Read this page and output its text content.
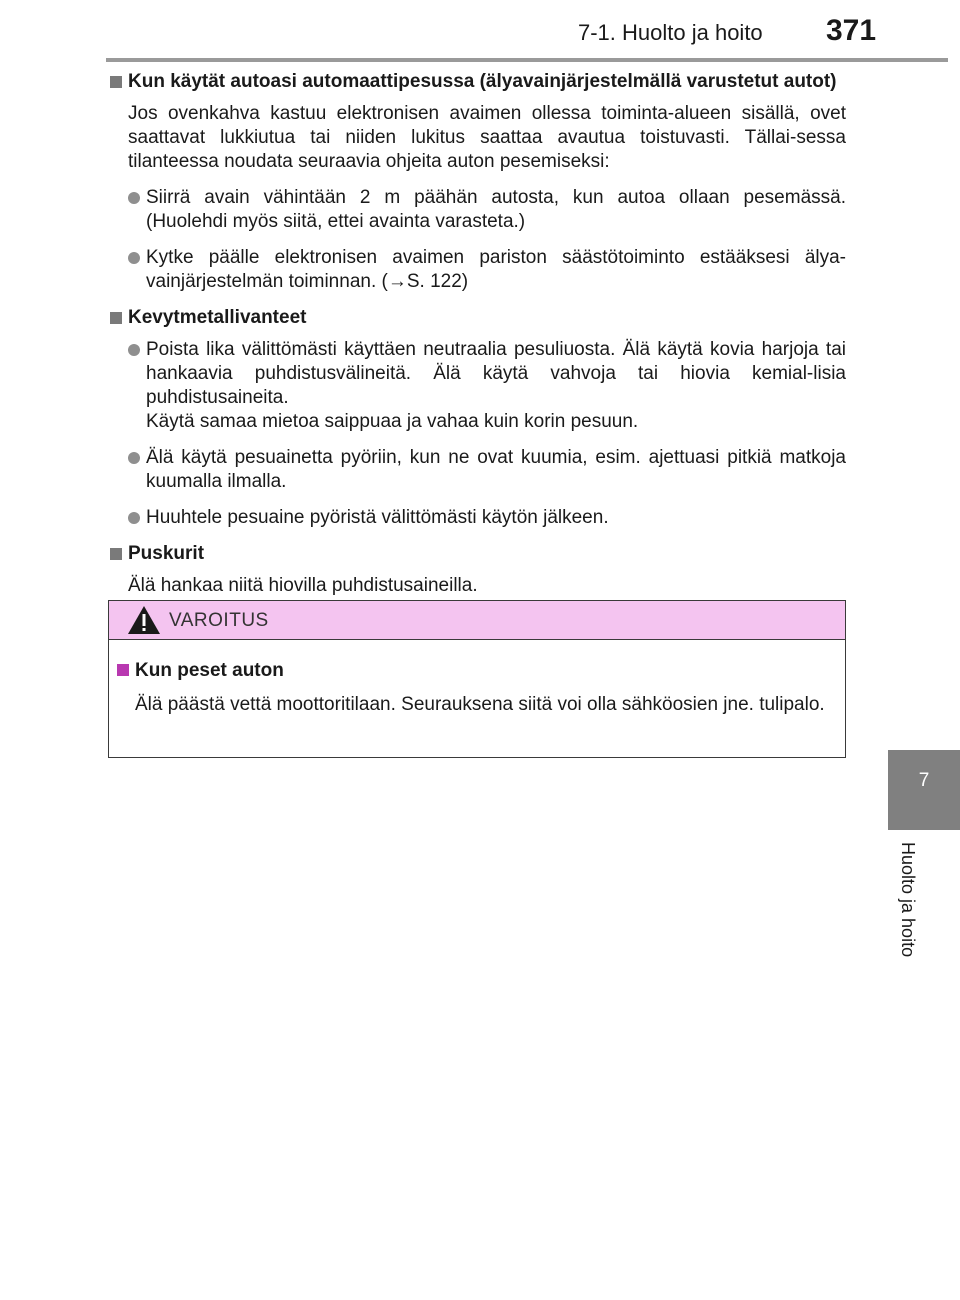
7-1. Huolto ja hoito 371
7
Huolto ja hoito
Kun käytät autoasi automaattipesussa (älyavainjärjestelmällä varustetut autot)
Jos ovenkahva kastuu elektronisen avaimen ollessa toiminta-alueen sisällä, ovet saattavat lukkiutua tai niiden lukitus saattaa avautua toistuvasti. Tällai-sessa tilanteessa noudata seuraavia ohjeita auton pesemiseksi:
Siirrä avain vähintään 2 m päähän autosta, kun autoa ollaan pesemässä. (Huolehdi myös siitä, ettei avainta varasteta.)
Kytke päälle elektronisen avaimen pariston säästötoiminto estääksesi älya-vainjärjestelmän toiminnan. (→S. 122)
Kevytmetallivanteet
Poista lika välittömästi käyttäen neutraalia pesuliuosta. Älä käytä kovia harjoja tai hankaavia puhdistusvälineitä. Älä käytä vahvoja tai hiovia kemial-lisia puhdistusaineita.
Käytä samaa mietoa saippuaa ja vahaa kuin korin pesuun.
Älä käytä pesuainetta pyöriin, kun ne ovat kuumia, esim. ajettuasi pitkiä matkoja kuumalla ilmalla.
Huuhtele pesuaine pyöristä välittömästi käytön jälkeen.
Puskurit
Älä hankaa niitä hiovilla puhdistusaineilla.
VAROITUS
Kun peset auton
Älä päästä vettä moottoritilaan. Seurauksena siitä voi olla sähköosien jne. tulipalo.
